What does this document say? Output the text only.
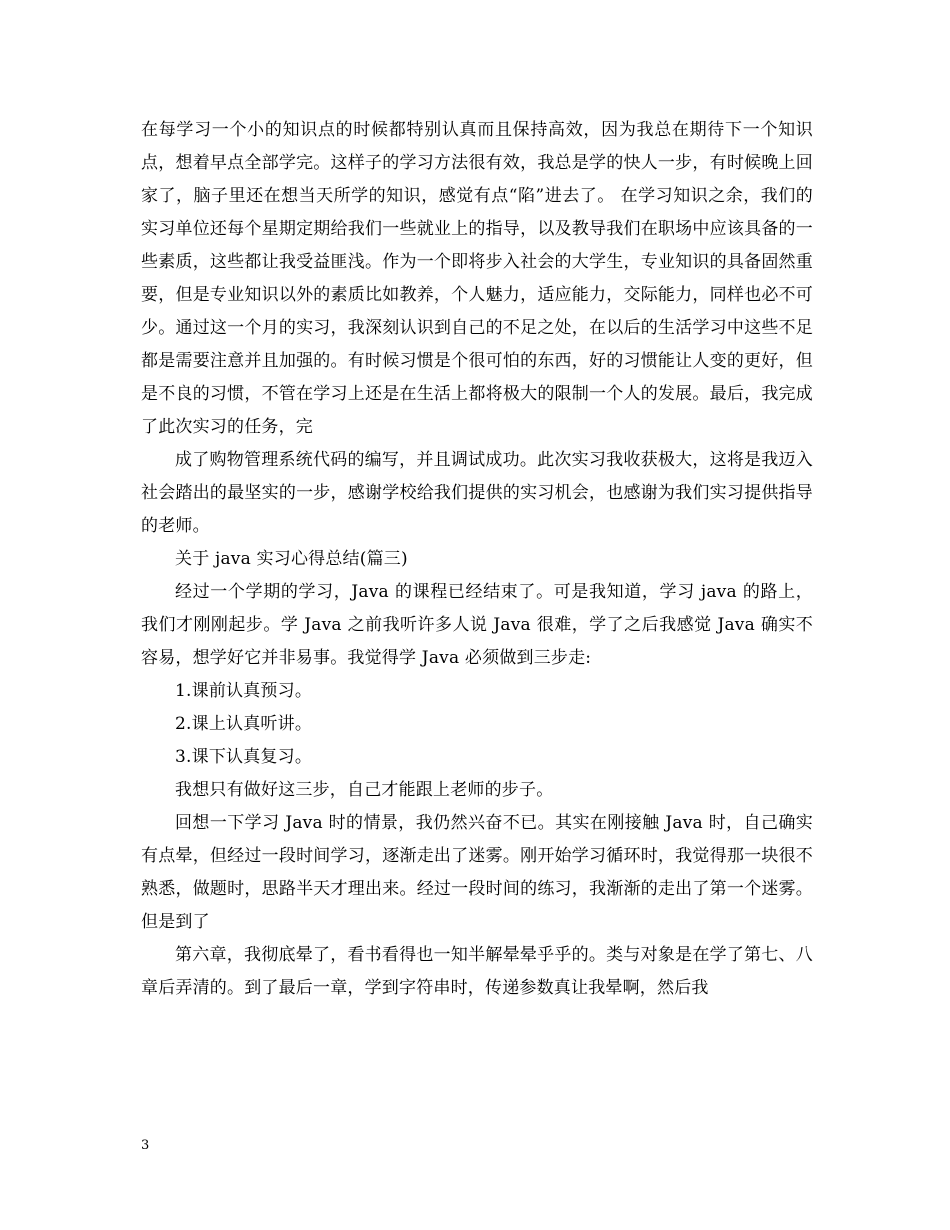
在每学习一个小的知识点的时候都特别认真而且保持高效，因为我总在期待下一个知识点，想着早点全部学完。这样子的学习方法很有效，我总是学的快人一步，有时候晚上回家了，脑子里还在想当天所学的知识，感觉有点“陷”进去了。 在学习知识之余，我们的实习单位还每个星期定期给我们一些就业上的指导，以及教导我们在职场中应该具备的一些素质，这些都让我受益匪浅。作为一个即将步入社会的大学生，专业知识的具备固然重要，但是专业知识以外的素质比如教养，个人魅力，适应能力，交际能力，同样也必不可少。通过这一个月的实习，我深刻认识到自己的不足之处，在以后的生活学习中这些不足都是需要注意并且加强的。有时候习惯是个很可怕的东西，好的习惯能让人变的更好，但是不良的习惯，不管在学习上还是在生活上都将极大的限制一个人的发展。最后，我完成了此次实习的任务，完

成了购物管理系统代码的编写，并且调试成功。此次实习我收获极大，这将是我迈入社会踏出的最坚实的一步，感谢学校给我们提供的实习机会，也感谢为我们实习提供指导的老师。

关于 java 实习心得总结(篇三)

经过一个学期的学习，Java 的课程已经结束了。可是我知道，学习 java 的路上，我们才刚刚起步。学 Java 之前我听许多人说 Java 很难，学了之后我感觉 Java 确实不容易，想学好它并非易事。我觉得学 Java 必须做到三步走:

1.课前认真预习。

2.课上认真听讲。

3.课下认真复习。

我想只有做好这三步，自己才能跟上老师的步子。

回想一下学习 Java 时的情景，我仍然兴奋不已。其实在刚接触 Java 时，自己确实有点晕，但经过一段时间学习，逐渐走出了迷雾。刚开始学习循环时，我觉得那一块很不熟悉，做题时，思路半天才理出来。经过一段时间的练习，我渐渐的走出了第一个迷雾。但是到了

第六章，我彻底晕了，看书看得也一知半解晕晕乎乎的。类与对象是在学了第七、八章后弄清的。到了最后一章，学到字符串时，传递参数真让我晕啊，然后我

3
